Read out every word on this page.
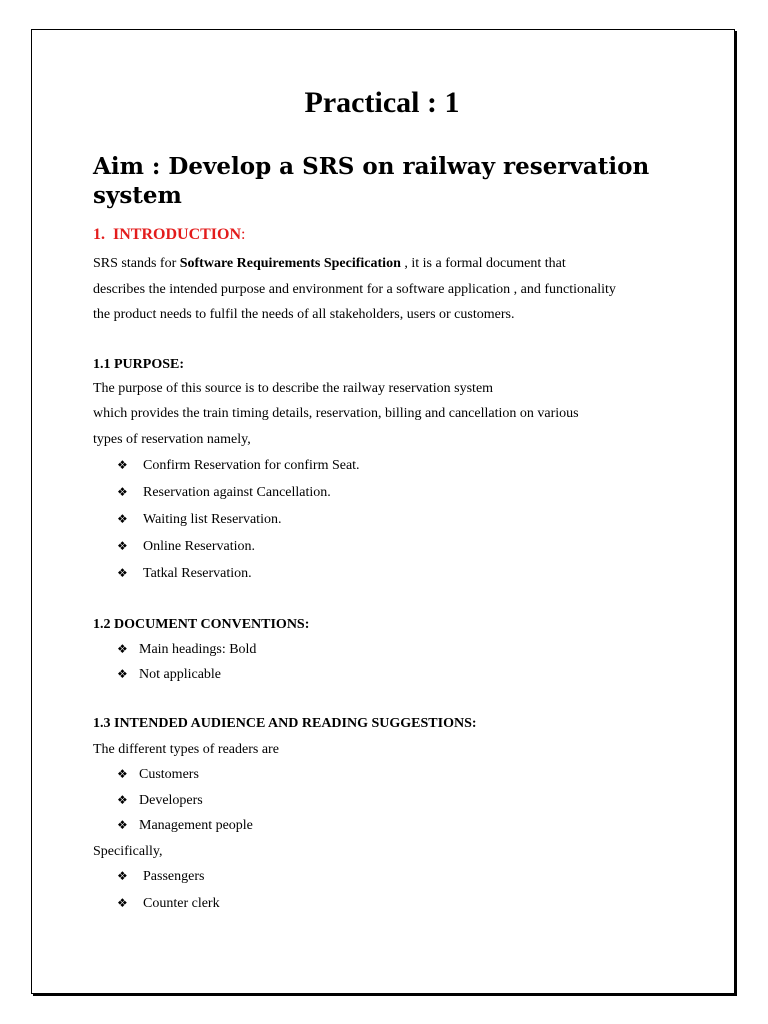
Practical : 1
Aim : Develop a SRS on railway reservation system
1. INTRODUCTION:
SRS stands for Software Requirements Specification , it is a formal document that
describes the intended purpose and environment for a software application , and functionality
the product needs to fulfil the needs of all stakeholders, users or customers.
1.1 PURPOSE:
The purpose of this source is to describe the railway reservation system
which provides the train timing details, reservation, billing and cancellation on various
types of reservation namely,
❖ Confirm Reservation for confirm Seat.
❖ Reservation against Cancellation.
❖ Waiting list Reservation.
❖ Online Reservation.
❖ Tatkal Reservation.
1.2 DOCUMENT CONVENTIONS:
❖ Main headings: Bold
❖ Not applicable
1.3 INTENDED AUDIENCE AND READING SUGGESTIONS:
The different types of readers are
❖ Customers
❖ Developers
❖ Management people
Specifically,
❖ Passengers
❖ Counter clerk
